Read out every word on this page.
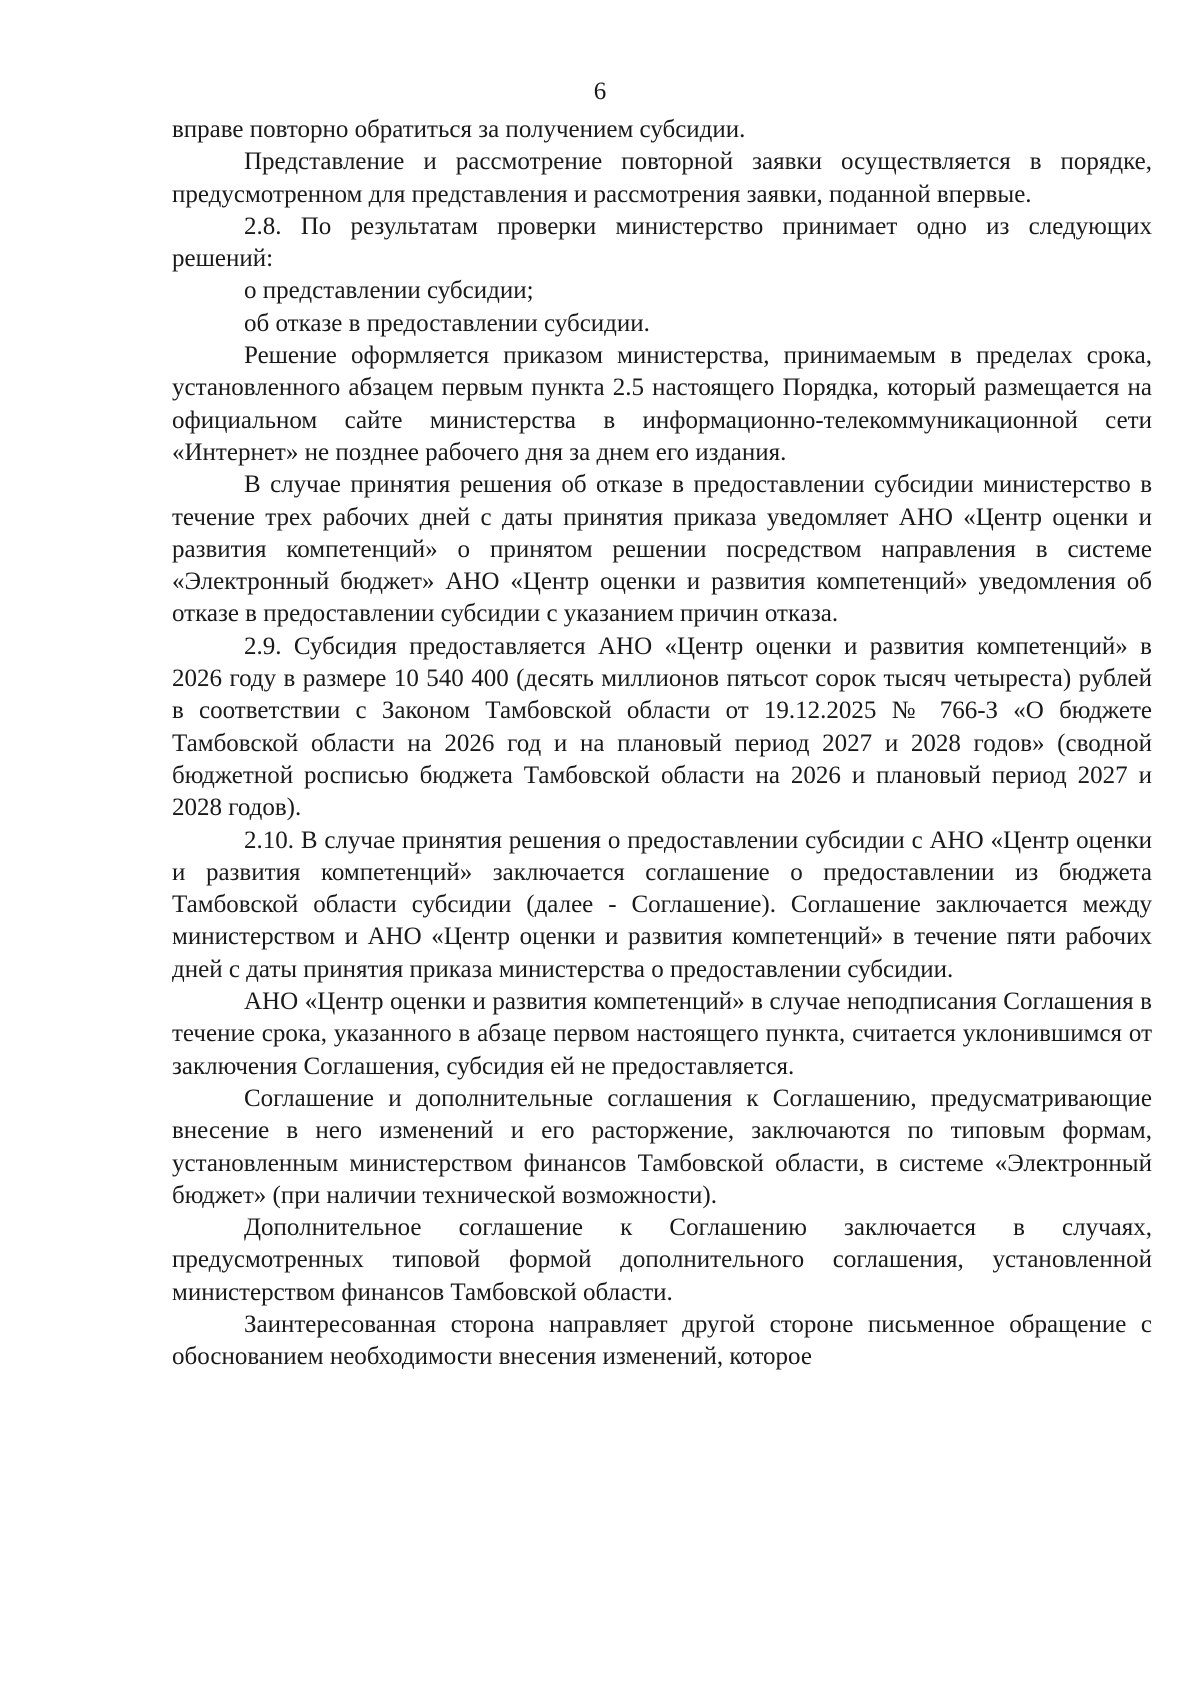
6

вправе повторно обратиться за получением субсидии.

Представление и рассмотрение повторной заявки осуществляется в порядке, предусмотренном для представления и рассмотрения заявки, поданной впервые.

2.8. По результатам проверки министерство принимает одно из следующих решений:

о представлении субсидии;

об отказе в предоставлении субсидии.

Решение оформляется приказом министерства, принимаемым в пределах срока, установленного абзацем первым пункта 2.5 настоящего Порядка, который размещается на официальном сайте министерства в информационно-телекоммуникационной сети «Интернет» не позднее рабочего дня за днем его издания.

В случае принятия решения об отказе в предоставлении субсидии министерство в течение трех рабочих дней с даты принятия приказа уведомляет АНО «Центр оценки и развития компетенций» о принятом решении посредством направления в системе «Электронный бюджет» АНО «Центр оценки и развития компетенций» уведомления об отказе в предоставлении субсидии с указанием причин отказа.

2.9. Субсидия предоставляется АНО «Центр оценки и развития компетенций» в 2026 году в размере 10 540 400 (десять миллионов пятьсот сорок тысяч четыреста) рублей в соответствии с Законом Тамбовской области от 19.12.2025 № 766-З «О бюджете Тамбовской области на 2026 год и на плановый период 2027 и 2028 годов» (сводной бюджетной росписью бюджета Тамбовской области на 2026 и плановый период 2027 и 2028 годов).

2.10. В случае принятия решения о предоставлении субсидии с АНО «Центр оценки и развития компетенций» заключается соглашение о предоставлении из бюджета Тамбовской области субсидии (далее - Соглашение). Соглашение заключается между министерством и АНО «Центр оценки и развития компетенций» в течение пяти рабочих дней с даты принятия приказа министерства о предоставлении субсидии.

АНО «Центр оценки и развития компетенций» в случае неподписания Соглашения в течение срока, указанного в абзаце первом настоящего пункта, считается уклонившимся от заключения Соглашения, субсидия ей не предоставляется.

Соглашение и дополнительные соглашения к Соглашению, предусматривающие внесение в него изменений и его расторжение, заключаются по типовым формам, установленным министерством финансов Тамбовской области, в системе «Электронный бюджет» (при наличии технической возможности).

Дополнительное соглашение к Соглашению заключается в случаях, предусмотренных типовой формой дополнительного соглашения, установленной министерством финансов Тамбовской области.

Заинтересованная сторона направляет другой стороне письменное обращение с обоснованием необходимости внесения изменений, которое
